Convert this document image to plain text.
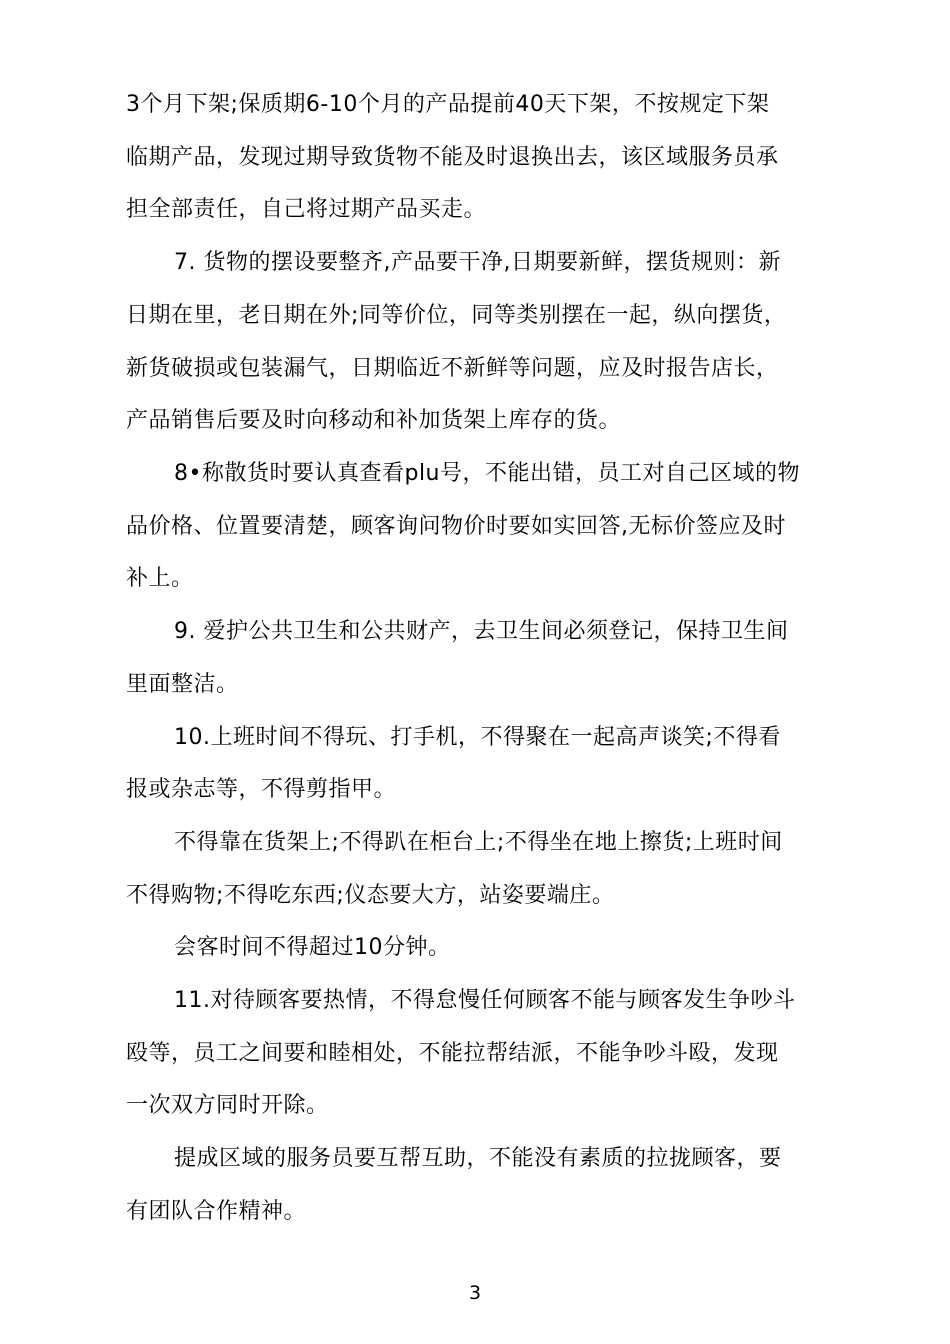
3个月下架;保质期6-10个月的产品提前40天下架，不按规定下架
临期产品，发现过期导致货物不能及时退换出去，该区域服务员承
担全部责任，自己将过期产品买走。
7. 货物的摆设要整齐,产品要干净,日期要新鲜，摆货规则：新
日期在里，老日期在外;同等价位，同等类别摆在一起，纵向摆货，
新货破损或包装漏气，日期临近不新鲜等问题，应及时报告店长，
产品销售后要及时向移动和补加货架上库存的货。
8•称散货时要认真查看plu号，不能出错，员工对自己区域的物
品价格、位置要清楚，顾客询问物价时要如实回答,无标价签应及时
补上。
9. 爱护公共卫生和公共财产，去卫生间必须登记，保持卫生间
里面整洁。
10.上班时间不得玩、打手机，不得聚在一起高声谈笑;不得看
报或杂志等，不得剪指甲。
不得靠在货架上;不得趴在柜台上;不得坐在地上擦货;上班时间
不得购物;不得吃东西;仪态要大方，站姿要端庄。
会客时间不得超过10分钟。
11.对待顾客要热情，不得怠慢任何顾客不能与顾客发生争吵斗
殴等，员工之间要和睦相处，不能拉帮结派，不能争吵斗殴，发现
一次双方同时开除。
提成区域的服务员要互帮互助，不能没有素质的拉拢顾客，要
有团队合作精神。
3
